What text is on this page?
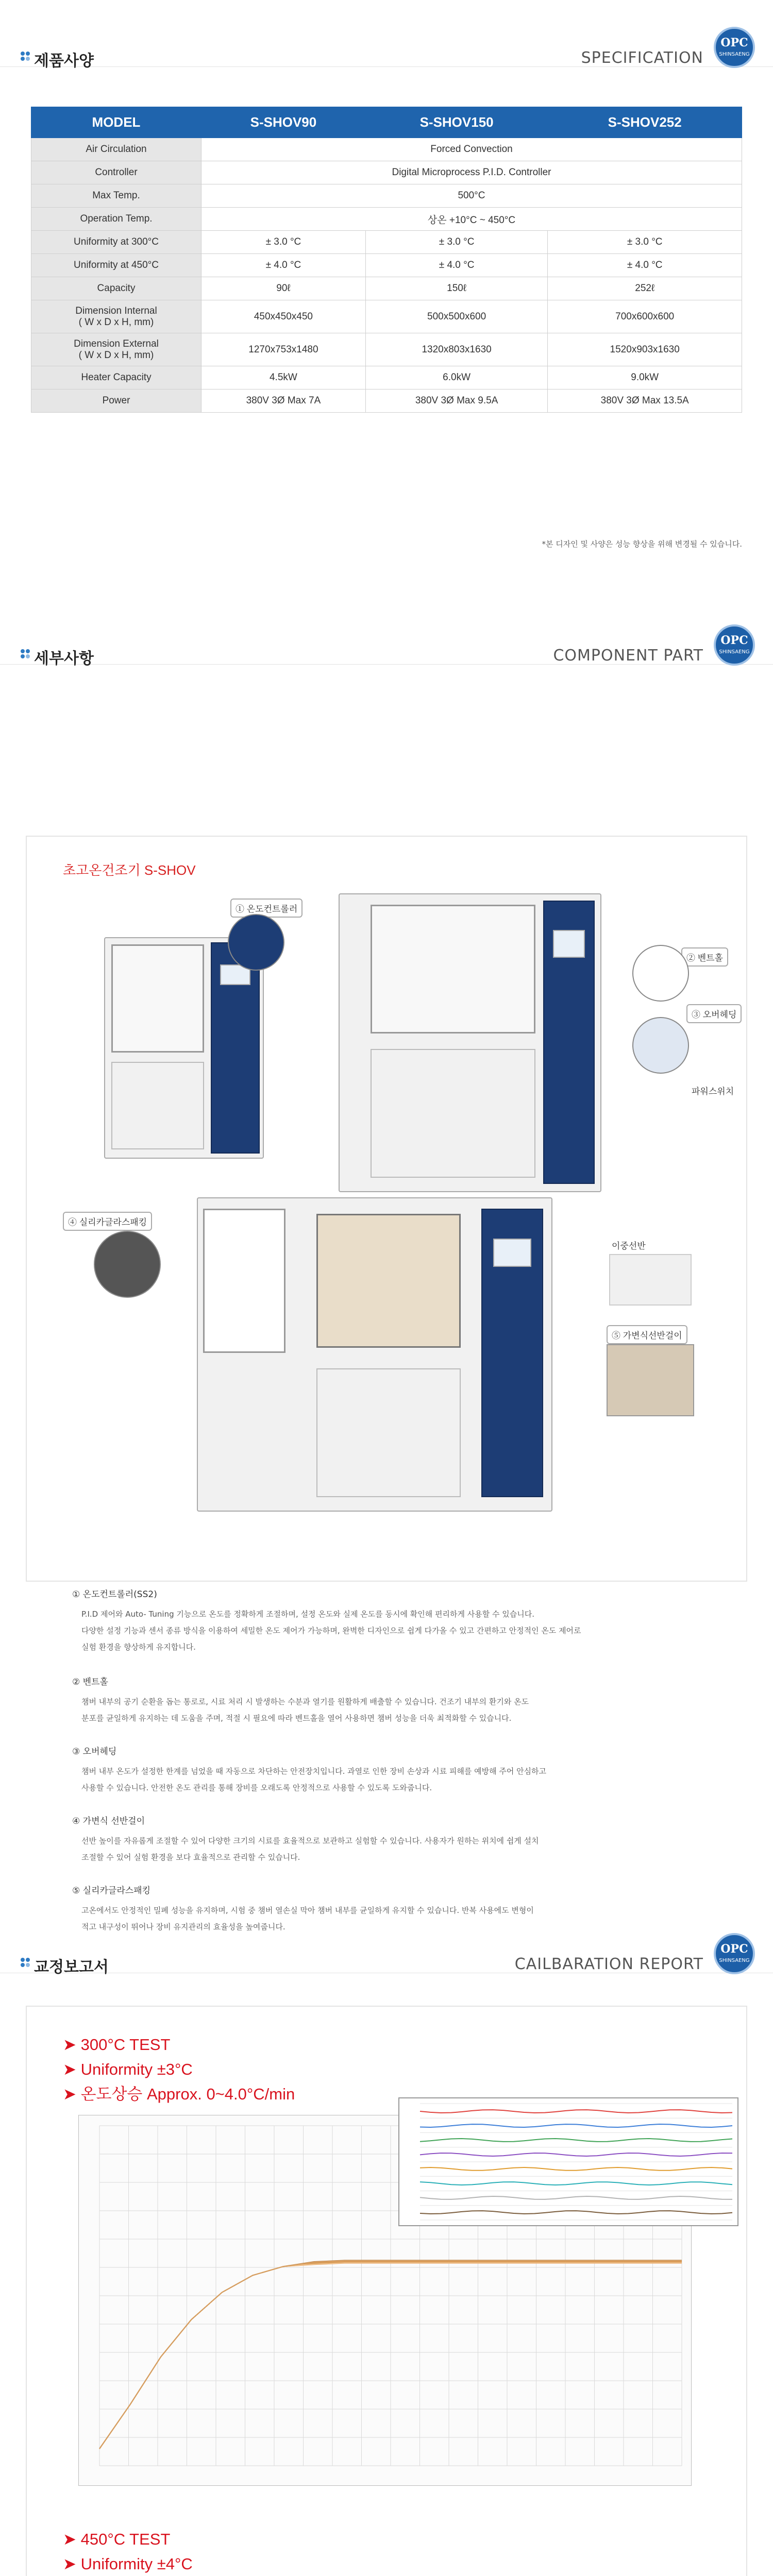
제품사양	SPECIFICATION
OPC
SHINSAENG
MODEL	S-SHOV90	S-SHOV150	S-SHOV252
Air Circulation	Forced Convection		
Controller	Digital Microprocess P.I.D. Controller		
Max Temp.	500°C		
Operation Temp.	상온 +10°C ~ 450°C		
Uniformity at 300°C	± 3.0 °C	± 3.0 °C	± 3.0 °C
Uniformity at 450°C	± 4.0 °C	± 4.0 °C	± 4.0 °C
Capacity	90ℓ	150ℓ	252ℓ

Dimension Internal
( W x D x H, mm)	450x450x450	500x500x600	700x600x600

Dimension External
( W x D x H, mm)	1270x753x1480	1320x803x1630	1520x903x1630
Heater Capacity	4.5kW	6.0kW	9.0kW
Power	380V 3Ø Max 7A	380V 3Ø Max 9.5A	380V 3Ø Max 13.5A
*본 디자인 및 사양은 성능 향상을 위해 변경될 수 있습니다.
세부사항	COMPONENT PART
OPC
SHINSAENG
초고온건조기 S-SHOV
① 온도컨트롤러
② 벤트홀
③ 오버헤딩
파워스위치
④ 실리카글라스패킹
이중선반
⑤ 가변식선반걸이
① 온도컨트롤러(SS2)
P.I.D 제어와 Auto- Tuning 기능으로 온도를 정확하게 조절하며, 설정 온도와 실제 온도를 동시에 확인해 편리하게 사용할 수 있습니다.
다양한 설정 기능과 센서 종류 방식을 이용하여 세밀한 온도 제어가 가능하며, 완벽한 디자인으로 쉽게 다가올 수 있고 간편하고 안정적인 온도 제어로
실험 환경을 향상하게 유지합니다.
② 벤트홀
챔버 내부의 공기 순환을 돕는 통로로, 시료 처리 시 발생하는 수분과 열기를 원활하게 배출할 수 있습니다. 건조기 내부의 환기와 온도
분포를 균일하게 유지하는 데 도움을 주며, 적절 시 필요에 따라 벤트홀을 열어 사용하면 챔버 성능을 더욱 최적화할 수 있습니다.
③ 오버헤딩
챔버 내부 온도가 설정한 한계를 넘었을 때 자동으로 차단하는 안전장치입니다. 과열로 인한 장비 손상과 시료 피해를 예방해 주어 안심하고
사용할 수 있습니다. 안전한 온도 관리를 통해 장비를 오래도록 안정적으로 사용할 수 있도록 도와줍니다.
④ 가변식 선반걸이
선반 높이를 자유롭게 조절할 수 있어 다양한 크기의 시료를 효율적으로 보관하고 실험할 수 있습니다. 사용자가 원하는 위치에 쉽게 설치
조절할 수 있어 실험 환경을 보다 효율적으로 관리할 수 있습니다.
⑤ 실리카글라스패킹
고온에서도 안정적인 밀폐 성능을 유지하며, 시험 중 챔버 열손실 막아 챔버 내부를 균일하게 유지할 수 있습니다. 반복 사용에도 변형이
적고 내구성이 뛰어나 장비 유지관리의 효율성을 높여줍니다.
교정보고서	CAILBARATION REPORT
OPC
SHINSAENG
➤ 300°C TEST
➤ Uniformity ±3°C
➤ 온도상승 Approx. 0~4.0°C/min
➤ 450°C TEST
➤ Uniformity ±4°C
